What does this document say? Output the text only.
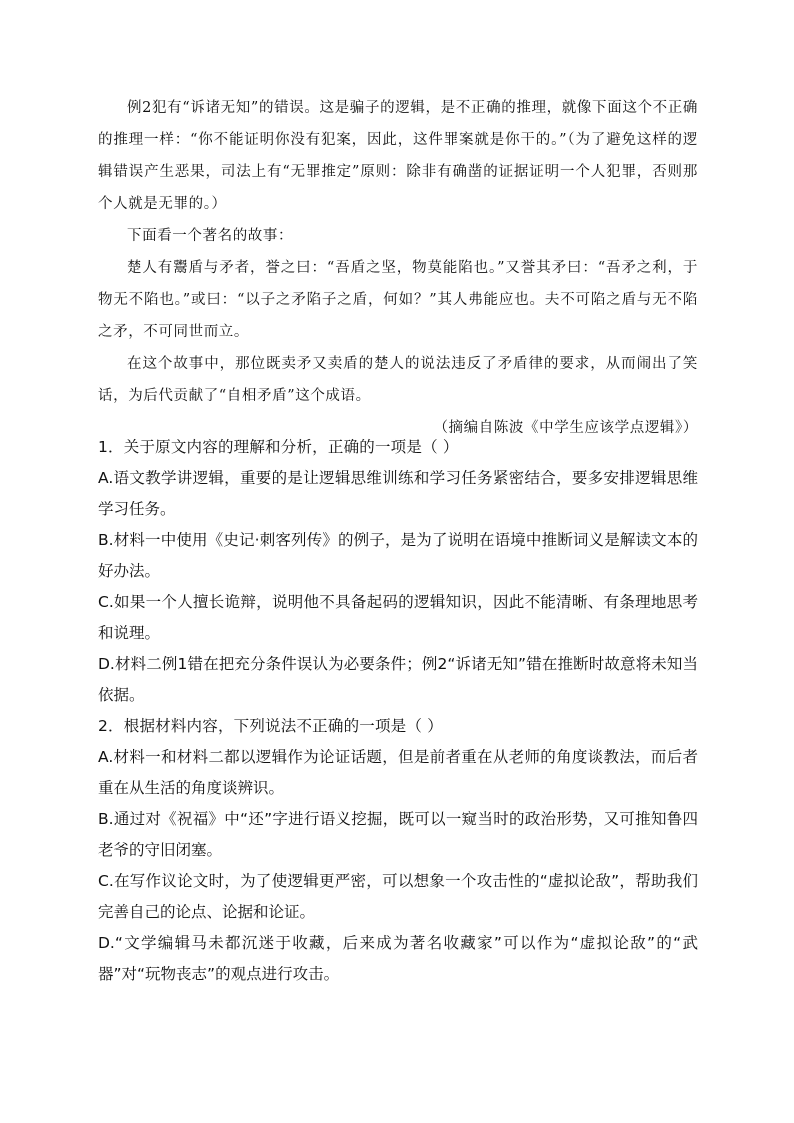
例2犯有“诉诸无知”的错误。这是骗子的逻辑，是不正确的推理，就像下面这个不正确的推理一样：“你不能证明你没有犯案，因此，这件罪案就是你干的。”（为了避免这样的逻辑错误产生恶果，司法上有“无罪推定”原则：除非有确凿的证据证明一个人犯罪，否则那个人就是无罪的。）

下面看一个著名的故事：

楚人有鬻盾与矛者，誉之曰：“吾盾之坚，物莫能陷也。”又誉其矛曰：“吾矛之利，于物无不陷也。”或曰：“以子之矛陷子之盾，何如？”其人弗能应也。夫不可陷之盾与无不陷之矛，不可同世而立。

在这个故事中，那位既卖矛又卖盾的楚人的说法违反了矛盾律的要求，从而闹出了笑话，为后代贡献了“自相矛盾”这个成语。

（摘编自陈波《中学生应该学点逻辑》）

1．关于原文内容的理解和分析，正确的一项是（ ）

A.语文教学讲逻辑，重要的是让逻辑思维训练和学习任务紧密结合，要多安排逻辑思维学习任务。

B.材料一中使用《史记·刺客列传》的例子，是为了说明在语境中推断词义是解读文本的好办法。

C.如果一个人擅长诡辩，说明他不具备起码的逻辑知识，因此不能清晰、有条理地思考和说理。

D.材料二例1错在把充分条件误认为必要条件；例2“诉诸无知”错在推断时故意将未知当依据。

2．根据材料内容，下列说法不正确的一项是（ ）

A.材料一和材料二都以逻辑作为论证话题，但是前者重在从老师的角度谈教法，而后者重在从生活的角度谈辨识。

B.通过对《祝福》中“还”字进行语义挖掘，既可以一窥当时的政治形势，又可推知鲁四老爷的守旧闭塞。

C.在写作议论文时，为了使逻辑更严密，可以想象一个攻击性的“虚拟论敌”，帮助我们完善自己的论点、论据和论证。

D.“文学编辑马未都沉迷于收藏，后来成为著名收藏家”可以作为“虚拟论敌”的“武器”对“玩物丧志”的观点进行攻击。
